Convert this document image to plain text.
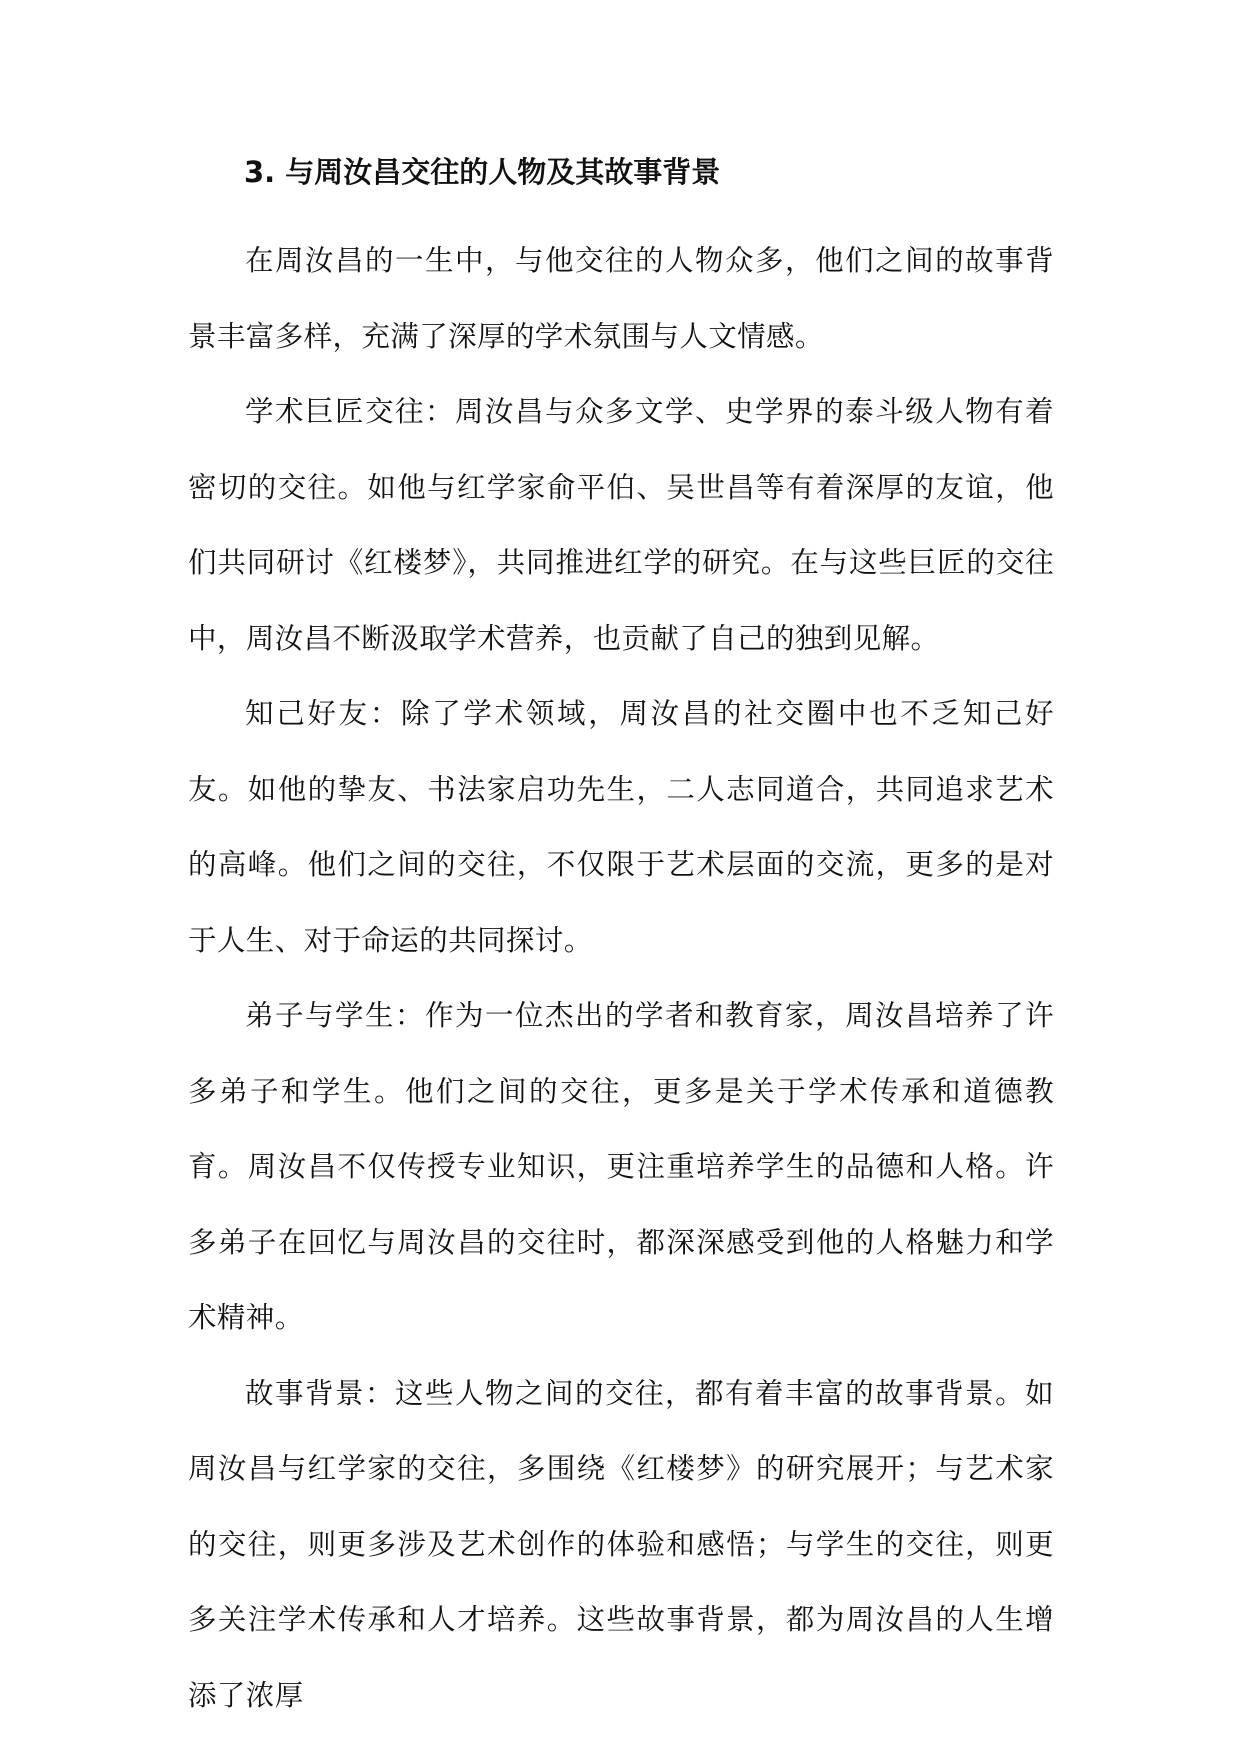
3. 与周汝昌交往的人物及其故事背景

在周汝昌的一生中，与他交往的人物众多，他们之间的故事背景丰富多样，充满了深厚的学术氛围与人文情感。

学术巨匠交往：周汝昌与众多文学、史学界的泰斗级人物有着密切的交往。如他与红学家俞平伯、吴世昌等有着深厚的友谊，他们共同研讨《红楼梦》，共同推进红学的研究。在与这些巨匠的交往中，周汝昌不断汲取学术营养，也贡献了自己的独到见解。

知己好友：除了学术领域，周汝昌的社交圈中也不乏知己好友。如他的挚友、书法家启功先生，二人志同道合，共同追求艺术的高峰。他们之间的交往，不仅限于艺术层面的交流，更多的是对于人生、对于命运的共同探讨。

弟子与学生：作为一位杰出的学者和教育家，周汝昌培养了许多弟子和学生。他们之间的交往，更多是关于学术传承和道德教育。周汝昌不仅传授专业知识，更注重培养学生的品德和人格。许多弟子在回忆与周汝昌的交往时，都深深感受到他的人格魅力和学术精神。

故事背景：这些人物之间的交往，都有着丰富的故事背景。如周汝昌与红学家的交往，多围绕《红楼梦》的研究展开；与艺术家的交往，则更多涉及艺术创作的体验和感悟；与学生的交往，则更多关注学术传承和人才培养。这些故事背景，都为周汝昌的人生增添了浓厚
